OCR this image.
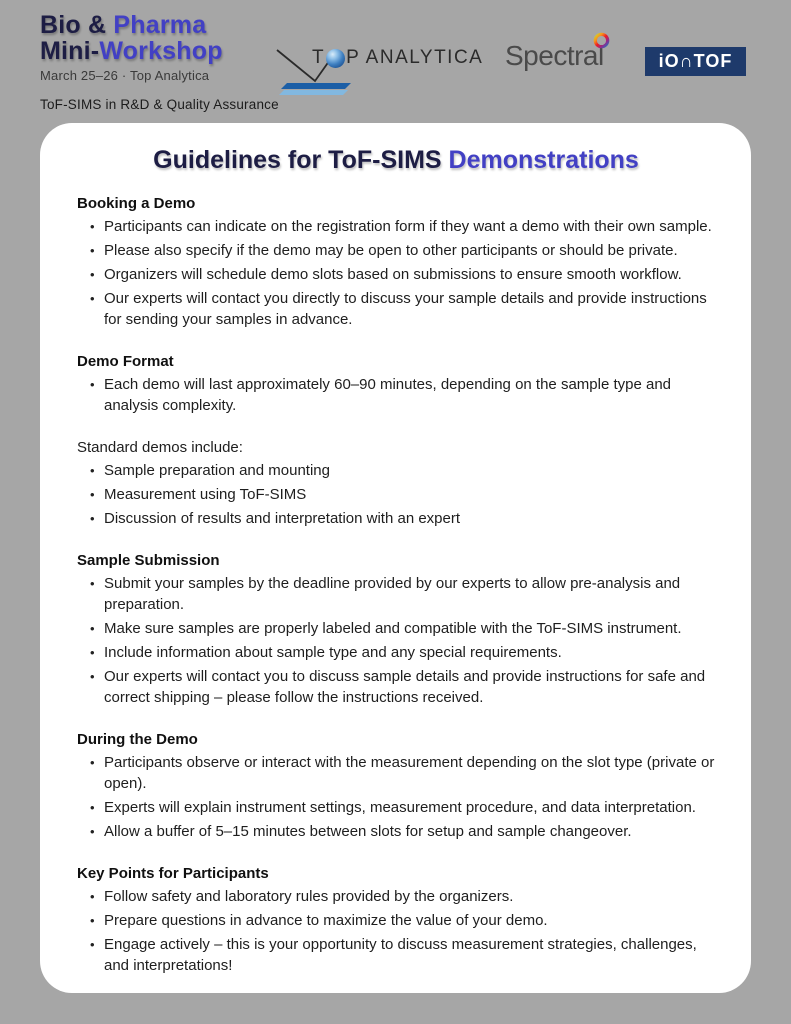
Bio & Pharma
Mini-Workshop
March 25–26 · Top Analytica
ToF-SIMS in R&D & Quality Assurance
T P ANALYTICA Spectral	iO∩TOF
Guidelines for ToF-SIMS Demonstrations
Booking a Demo
• Participants can indicate on the registration form if they want a demo with their own sample.
• Please also specify if the demo may be open to other participants or should be private.
• Organizers will schedule demo slots based on submissions to ensure smooth workflow.
• Our experts will contact you directly to discuss your sample details and provide instructions for sending your samples in advance.
Demo Format
• Each demo will last approximately 60–90 minutes, depending on the sample type and analysis complexity.
Standard demos include:
• Sample preparation and mounting
• Measurement using ToF-SIMS
• Discussion of results and interpretation with an expert
Sample Submission
• Submit your samples by the deadline provided by our experts to allow pre-analysis and preparation.
• Make sure samples are properly labeled and compatible with the ToF-SIMS instrument.
• Include information about sample type and any special requirements.
• Our experts will contact you to discuss sample details and provide instructions for safe and correct shipping – please follow the instructions received.
During the Demo
• Participants observe or interact with the measurement depending on the slot type (private or open).
• Experts will explain instrument settings, measurement procedure, and data interpretation.
• Allow a buffer of 5–15 minutes between slots for setup and sample changeover.
Key Points for Participants
• Follow safety and laboratory rules provided by the organizers.
• Prepare questions in advance to maximize the value of your demo.
• Engage actively – this is your opportunity to discuss measurement strategies, challenges, and interpretations!
